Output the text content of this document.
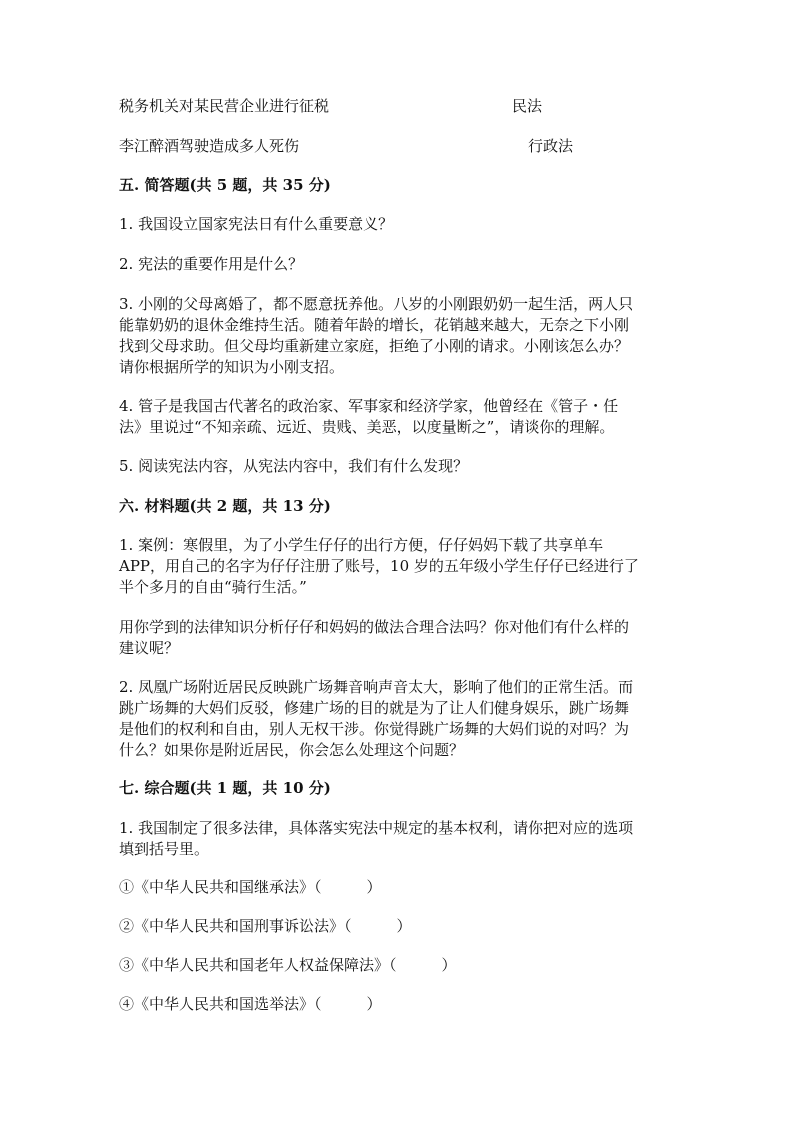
税务机关对某民营企业进行征税	民法
李江醉酒驾驶造成多人死伤	行政法
五. 简答题(共 5 题，共 35 分)
1. 我国设立国家宪法日有什么重要意义？
2. 宪法的重要作用是什么？
3. 小刚的父母离婚了，都不愿意抚养他。八岁的小刚跟奶奶一起生活，两人只
能靠奶奶的退休金维持生活。随着年龄的增长，花销越来越大，无奈之下小刚
找到父母求助。但父母均重新建立家庭，拒绝了小刚的请求。小刚该怎么办？
请你根据所学的知识为小刚支招。
4. 管子是我国古代著名的政治家、军事家和经济学家，他曾经在《管子・任
法》里说过“不知亲疏、远近、贵贱、美恶，以度量断之”，请谈你的理解。
5. 阅读宪法内容，从宪法内容中，我们有什么发现？
六. 材料题(共 2 题，共 13 分)
1. 案例：寒假里，为了小学生仔仔的出行方便，仔仔妈妈下载了共享单车
APP，用自己的名字为仔仔注册了账号，10 岁的五年级小学生仔仔已经进行了
半个多月的自由“骑行生活。”
用你学到的法律知识分析仔仔和妈妈的做法合理合法吗？你对他们有什么样的
建议呢？
2. 凤凰广场附近居民反映跳广场舞音响声音太大，影响了他们的正常生活。而
跳广场舞的大妈们反驳，修建广场的目的就是为了让人们健身娱乐，跳广场舞
是他们的权利和自由，别人无权干涉。你觉得跳广场舞的大妈们说的对吗？为
什么？如果你是附近居民，你会怎么处理这个问题？
七. 综合题(共 1 题，共 10 分)
1. 我国制定了很多法律，具体落实宪法中规定的基本权利，请你把对应的选项
填到括号里。
①《中华人民共和国继承法》（　　　）
②《中华人民共和国刑事诉讼法》（　　　）
③《中华人民共和国老年人权益保障法》（　　　）
④《中华人民共和国选举法》（　　　）
